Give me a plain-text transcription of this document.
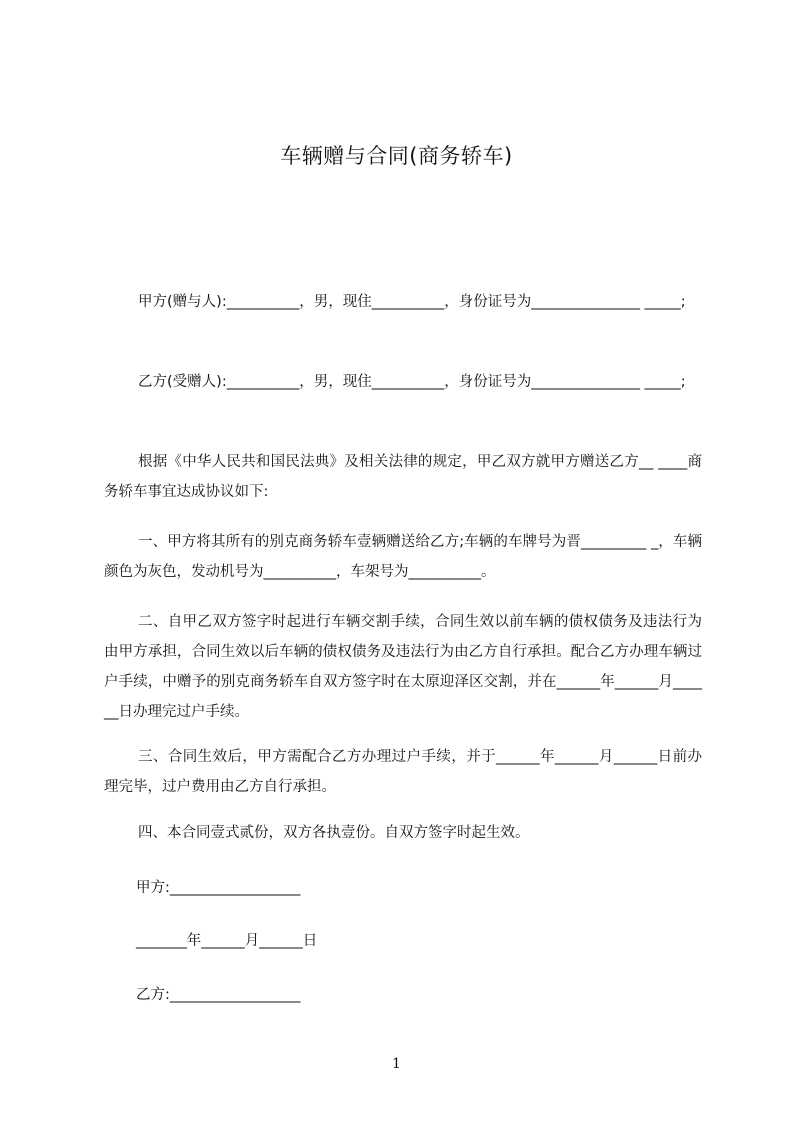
车辆赠与合同(商务轿车)
甲方(赠与人):__________，男，现住__________，身份证号为_______________ _____;
乙方(受赠人):__________，男，现住__________，身份证号为_______________ _____;
根据《中华人民共和国民法典》及相关法律的规定，甲乙双方就甲方赠送乙方__ ____商务轿车事宜达成协议如下:
一、甲方将其所有的别克商务轿车壹辆赠送给乙方;车辆的车牌号为晋_________ _，车辆颜色为灰色，发动机号为__________，车架号为__________。
二、自甲乙双方签字时起进行车辆交割手续，合同生效以前车辆的债权债务及违法行为由甲方承担，合同生效以后车辆的债权债务及违法行为由乙方自行承担。配合乙方办理车辆过户手续，中赠予的别克商务轿车自双方签字时在太原迎泽区交割，并在______年______月______日办理完过户手续。
三、合同生效后，甲方需配合乙方办理过户手续，并于______年______月______日前办理完毕，过户费用由乙方自行承担。
四、本合同壹式贰份，双方各执壹份。自双方签字时起生效。
甲方:__________________
_______年______月______日
乙方:__________________
1
